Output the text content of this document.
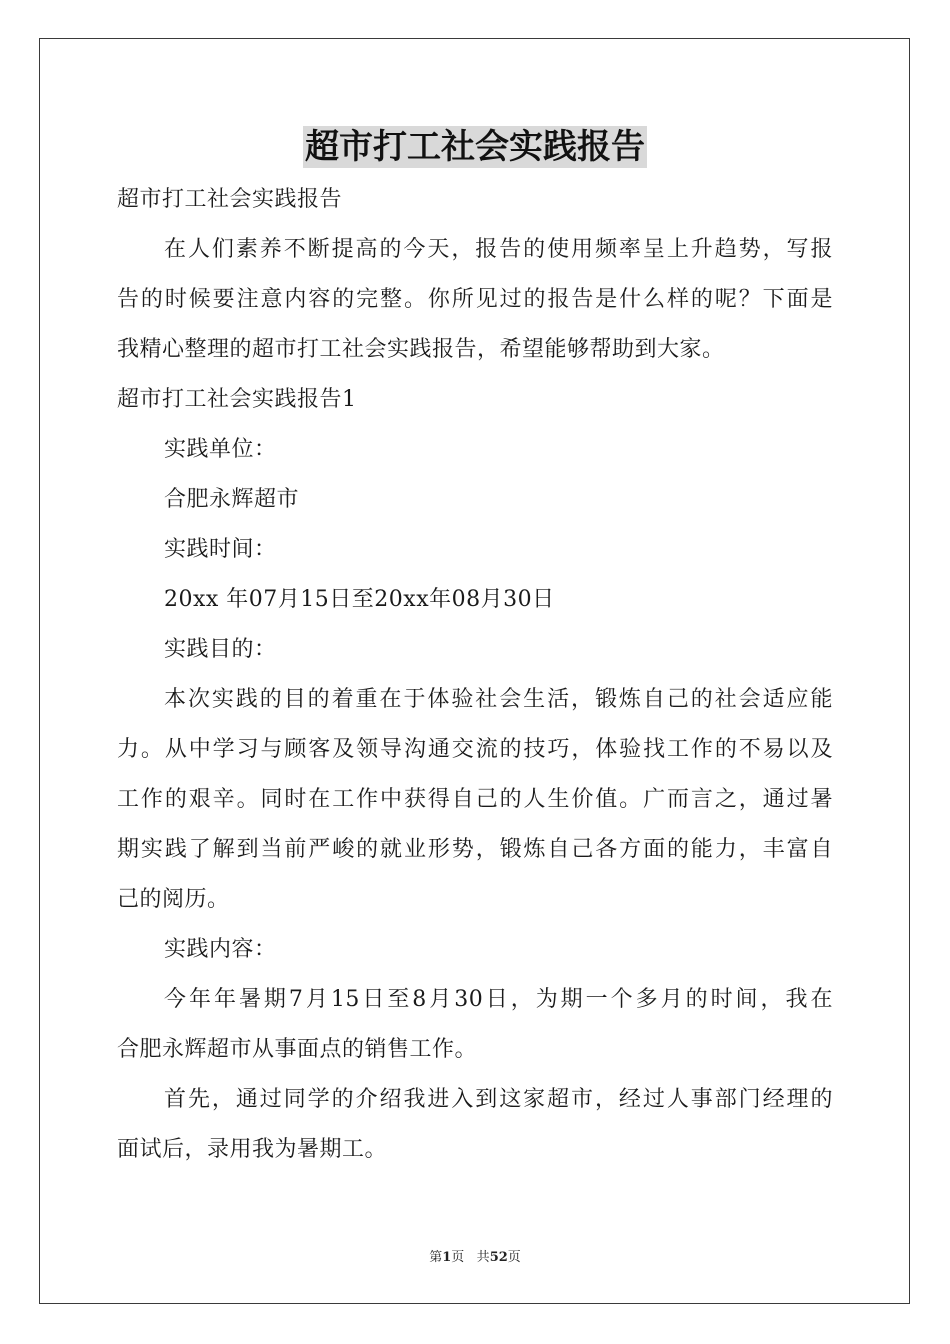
超市打工社会实践报告
超市打工社会实践报告
在人们素养不断提高的今天，报告的使用频率呈上升趋势，写报
告的时候要注意内容的完整。你所见过的报告是什么样的呢？下面是
我精心整理的超市打工社会实践报告，希望能够帮助到大家。
超市打工社会实践报告1
实践单位：
合肥永辉超市
实践时间：
20xx 年07月15日至20xx年08月30日
实践目的：
本次实践的目的着重在于体验社会生活，锻炼自己的社会适应能
力。从中学习与顾客及领导沟通交流的技巧，体验找工作的不易以及
工作的艰辛。同时在工作中获得自己的人生价值。广而言之，通过暑
期实践了解到当前严峻的就业形势，锻炼自己各方面的能力，丰富自
己的阅历。
实践内容：
今年年暑期7月15日至8月30日，为期一个多月的时间，我在
合肥永辉超市从事面点的销售工作。
首先，通过同学的介绍我进入到这家超市，经过人事部门经理的
面试后，录用我为暑期工。
第1页 共52页
